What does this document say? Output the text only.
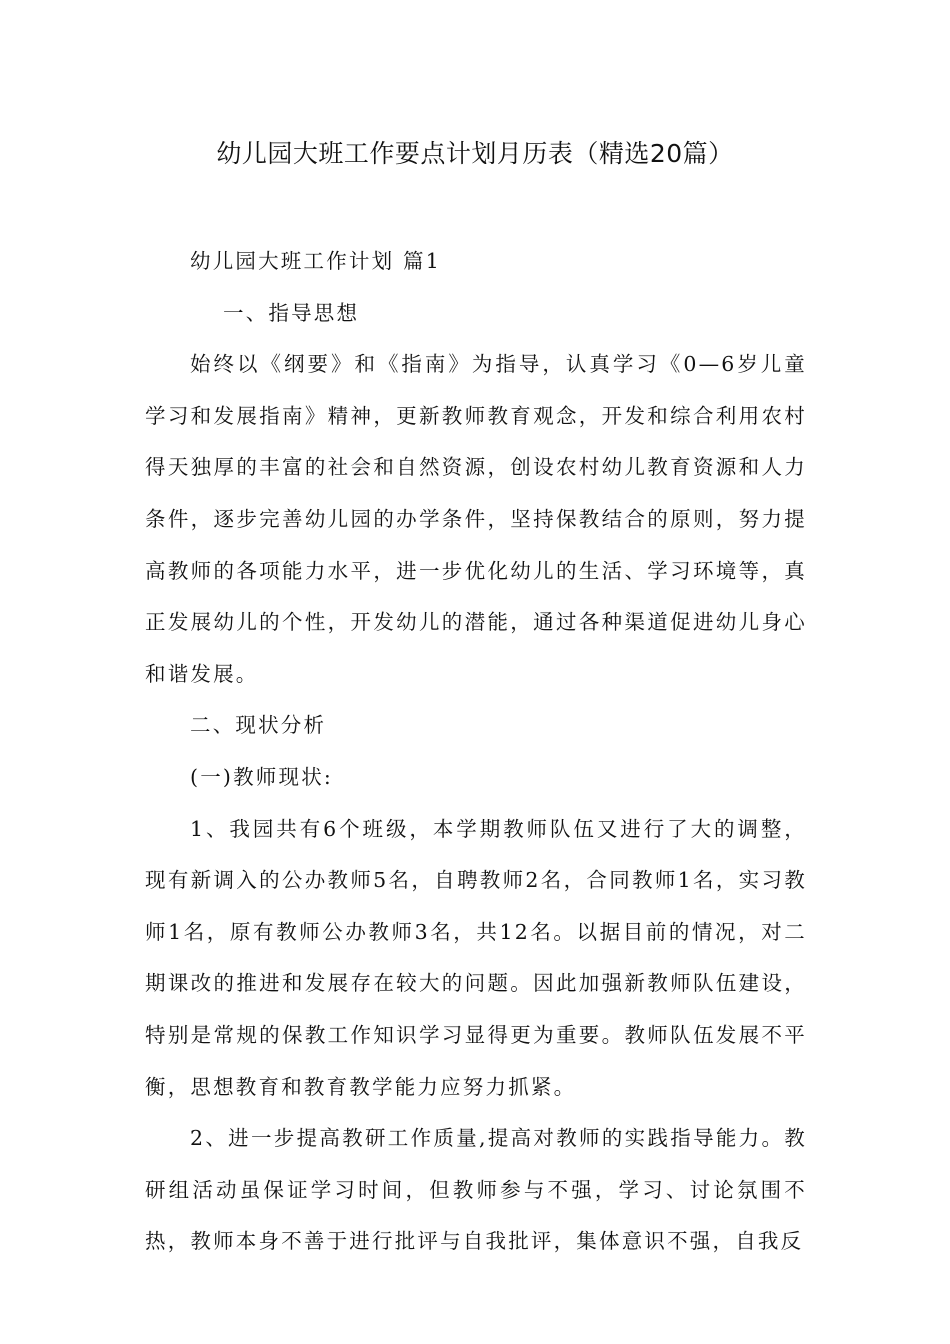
幼儿园大班工作要点计划月历表（精选20篇）

幼儿园大班工作计划 篇1

一、指导思想

始终以《纲要》和《指南》为指导，认真学习《0—6岁儿童学习和发展指南》精神，更新教师教育观念，开发和综合利用农村得天独厚的丰富的社会和自然资源，创设农村幼儿教育资源和人力条件，逐步完善幼儿园的办学条件，坚持保教结合的原则，努力提高教师的各项能力水平，进一步优化幼儿的生活、学习环境等，真正发展幼儿的个性，开发幼儿的潜能，通过各种渠道促进幼儿身心和谐发展。

二、现状分析

(一)教师现状:

1、我园共有6个班级，本学期教师队伍又进行了大的调整，现有新调入的公办教师5名，自聘教师2名，合同教师1名，实习教师1名，原有教师公办教师3名，共12名。以据目前的情况，对二期课改的推进和发展存在较大的问题。因此加强新教师队伍建设，特别是常规的保教工作知识学习显得更为重要。教师队伍发展不平衡，思想教育和教育教学能力应努力抓紧。

2、进一步提高教研工作质量,提高对教师的实践指导能力。教研组活动虽保证学习时间，但教师参与不强，学习、讨论氛围不热，教师本身不善于进行批评与自我批评，集体意识不强，自我反
